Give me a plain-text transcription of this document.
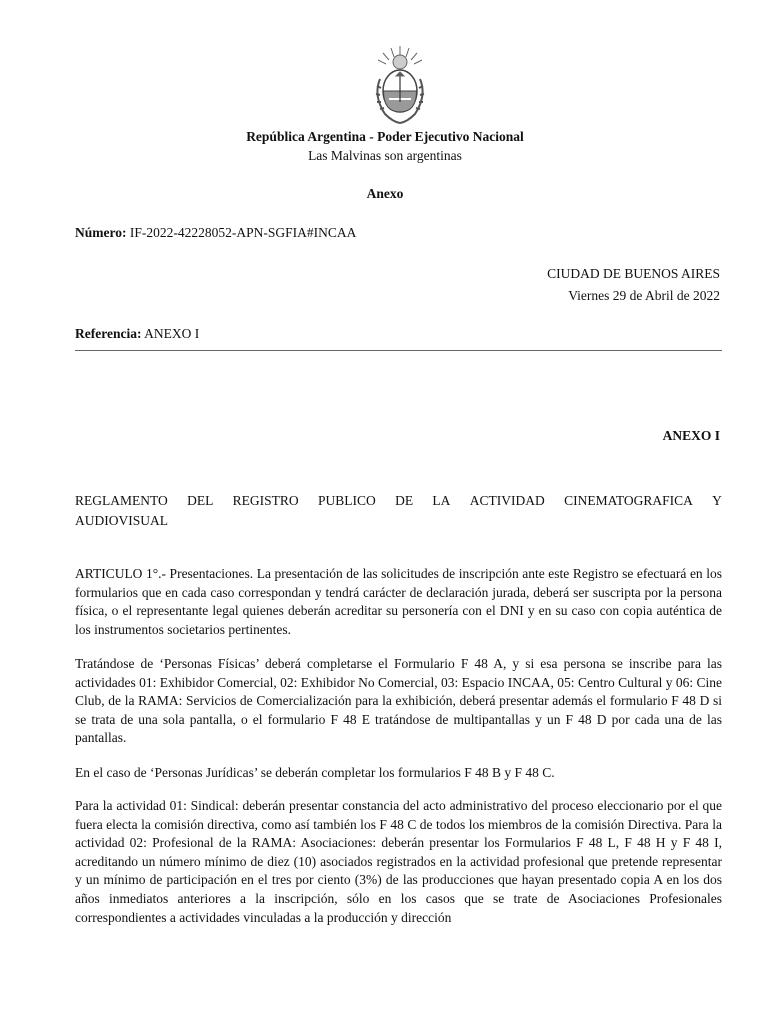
República Argentina - Poder Ejecutivo Nacional
Las Malvinas son argentinas
Anexo
Número: IF-2022-42228052-APN-SGFIA#INCAA
CIUDAD DE BUENOS AIRES
Viernes 29 de Abril de 2022
Referencia: ANEXO I
ANEXO I
REGLAMENTO DEL REGISTRO PUBLICO DE LA ACTIVIDAD CINEMATOGRAFICA Y
AUDIOVISUAL

ARTICULO 1°.- Presentaciones. La presentación de las solicitudes de inscripción ante este Registro se efectuará en los formularios que en cada caso correspondan y tendrá carácter de declaración jurada, deberá ser suscripta por la persona física, o el representante legal quienes deberán acreditar su personería con el DNI y en su caso con copia auténtica de los instrumentos societarios pertinentes.

Tratándose de ‘Personas Físicas’ deberá completarse el Formulario F 48 A, y si esa persona se inscribe para las actividades 01: Exhibidor Comercial, 02: Exhibidor No Comercial, 03: Espacio INCAA, 05: Centro Cultural y 06: Cine Club, de la RAMA: Servicios de Comercialización para la exhibición, deberá presentar además el formulario F 48 D si se trata de una sola pantalla, o el formulario F 48 E tratándose de multipantallas y un F 48 D por cada una de las pantallas.

En el caso de ‘Personas Jurídicas’ se deberán completar los formularios F 48 B y F 48 C.

Para la actividad 01: Sindical: deberán presentar constancia del acto administrativo del proceso eleccionario por el que fuera electa la comisión directiva, como así también los F 48 C de todos los miembros de la comisión Directiva. Para la actividad 02: Profesional de la RAMA: Asociaciones: deberán presentar los Formularios F 48 L, F 48 H y F 48 I, acreditando un número mínimo de diez (10) asociados registrados en la actividad profesional que pretende representar y un mínimo de participación en el tres por ciento (3%) de las producciones que hayan presentado copia A en los dos años inmediatos anteriores a la inscripción, sólo en los casos que se trate de Asociaciones Profesionales correspondientes a actividades vinculadas a la producción y dirección
